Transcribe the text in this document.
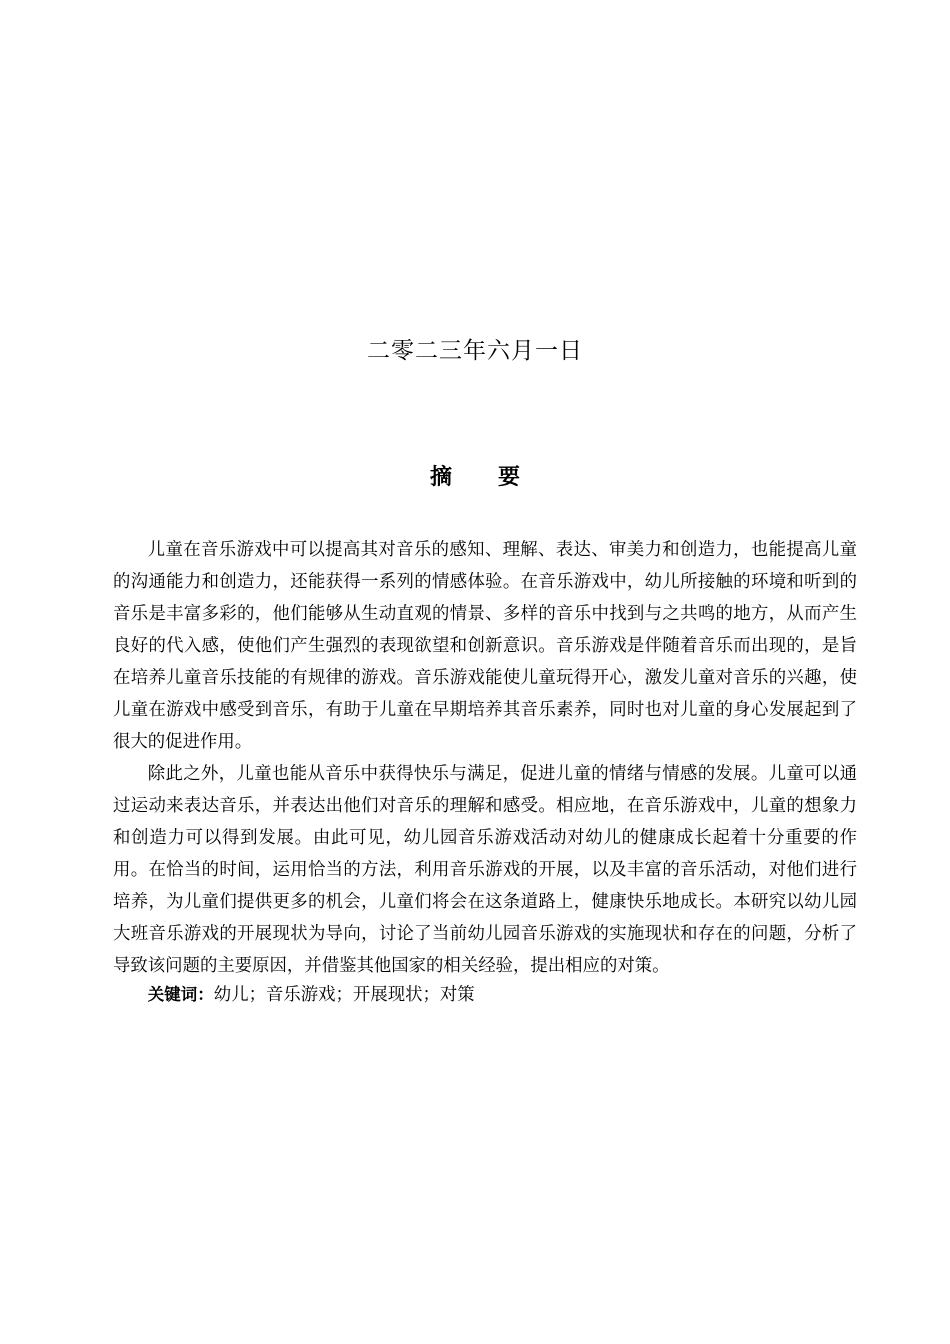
二零二三年六月一日
摘要

儿童在音乐游戏中可以提高其对音乐的感知、理解、表达、审美力和创造力，也能提高儿童的沟通能力和创造力，还能获得一系列的情感体验。在音乐游戏中，幼儿所接触的环境和听到的音乐是丰富多彩的，他们能够从生动直观的情景、多样的音乐中找到与之共鸣的地方，从而产生良好的代入感，使他们产生强烈的表现欲望和创新意识。音乐游戏是伴随着音乐而出现的，是旨在培养儿童音乐技能的有规律的游戏。音乐游戏能使儿童玩得开心，激发儿童对音乐的兴趣，使儿童在游戏中感受到音乐，有助于儿童在早期培养其音乐素养，同时也对儿童的身心发展起到了很大的促进作用。

除此之外，儿童也能从音乐中获得快乐与满足，促进儿童的情绪与情感的发展。儿童可以通过运动来表达音乐，并表达出他们对音乐的理解和感受。相应地，在音乐游戏中，儿童的想象力和创造力可以得到发展。由此可见，幼儿园音乐游戏活动对幼儿的健康成长起着十分重要的作用。在恰当的时间，运用恰当的方法，利用音乐游戏的开展，以及丰富的音乐活动，对他们进行培养，为儿童们提供更多的机会，儿童们将会在这条道路上，健康快乐地成长。本研究以幼儿园大班音乐游戏的开展现状为导向，讨论了当前幼儿园音乐游戏的实施现状和存在的问题，分析了导致该问题的主要原因，并借鉴其他国家的相关经验，提出相应的对策。

关键词：幼儿；音乐游戏；开展现状；对策
